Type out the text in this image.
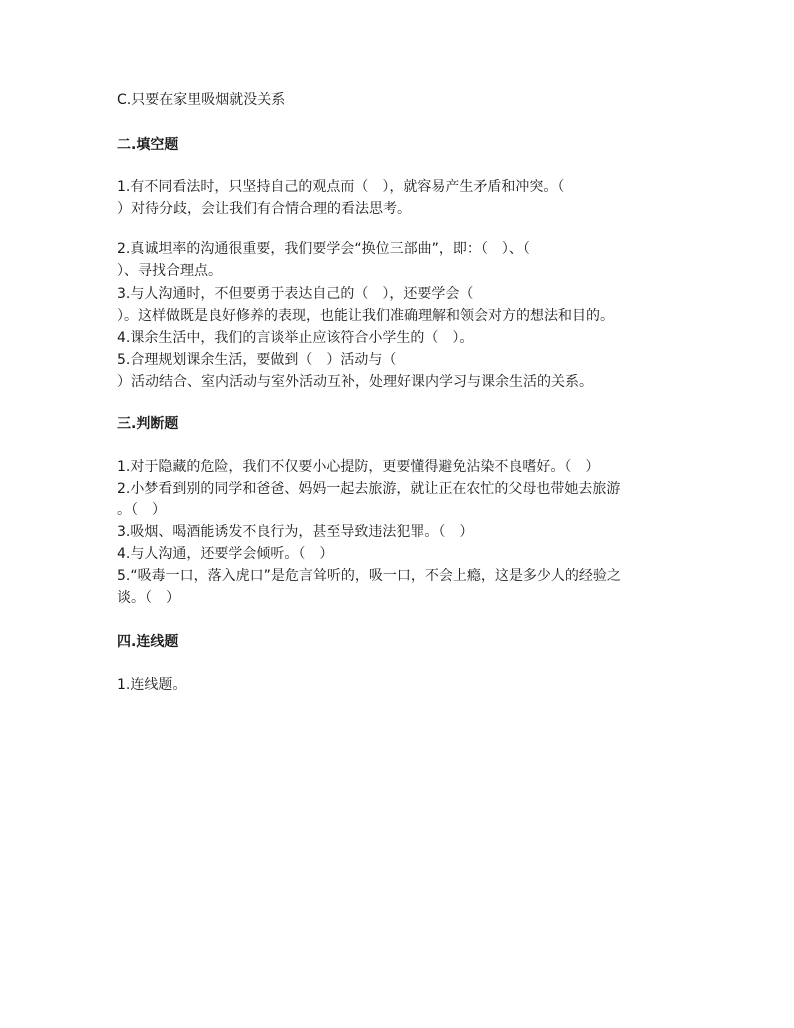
C.只要在家里吸烟就没关系
二.填空题
1.有不同看法时，只坚持自己的观点而（　），就容易产生矛盾和冲突。（
）对待分歧，会让我们有合情合理的看法思考。
2.真诚坦率的沟通很重要，我们要学会“换位三部曲”，即：（　）、（
）、寻找合理点。
3.与人沟通时，不但要勇于表达自己的（　），还要学会（
）。这样做既是良好修养的表现，也能让我们准确理解和领会对方的想法和目的。
4.课余生活中，我们的言谈举止应该符合小学生的（　）。
5.合理规划课余生活，要做到（　）活动与（
）活动结合、室内活动与室外活动互补，处理好课内学习与课余生活的关系。
三.判断题
1.对于隐藏的危险，我们不仅要小心提防，更要懂得避免沾染不良嗜好。（　）
2.小梦看到别的同学和爸爸、妈妈一起去旅游，就让正在农忙的父母也带她去旅游
。（　）
3.吸烟、喝酒能诱发不良行为，甚至导致违法犯罪。（　）
4.与人沟通，还要学会倾听。（　）
5.“吸毒一口，落入虎口”是危言耸听的，吸一口，不会上瘾，这是多少人的经验之
谈。（　）
四.连线题
1.连线题。
